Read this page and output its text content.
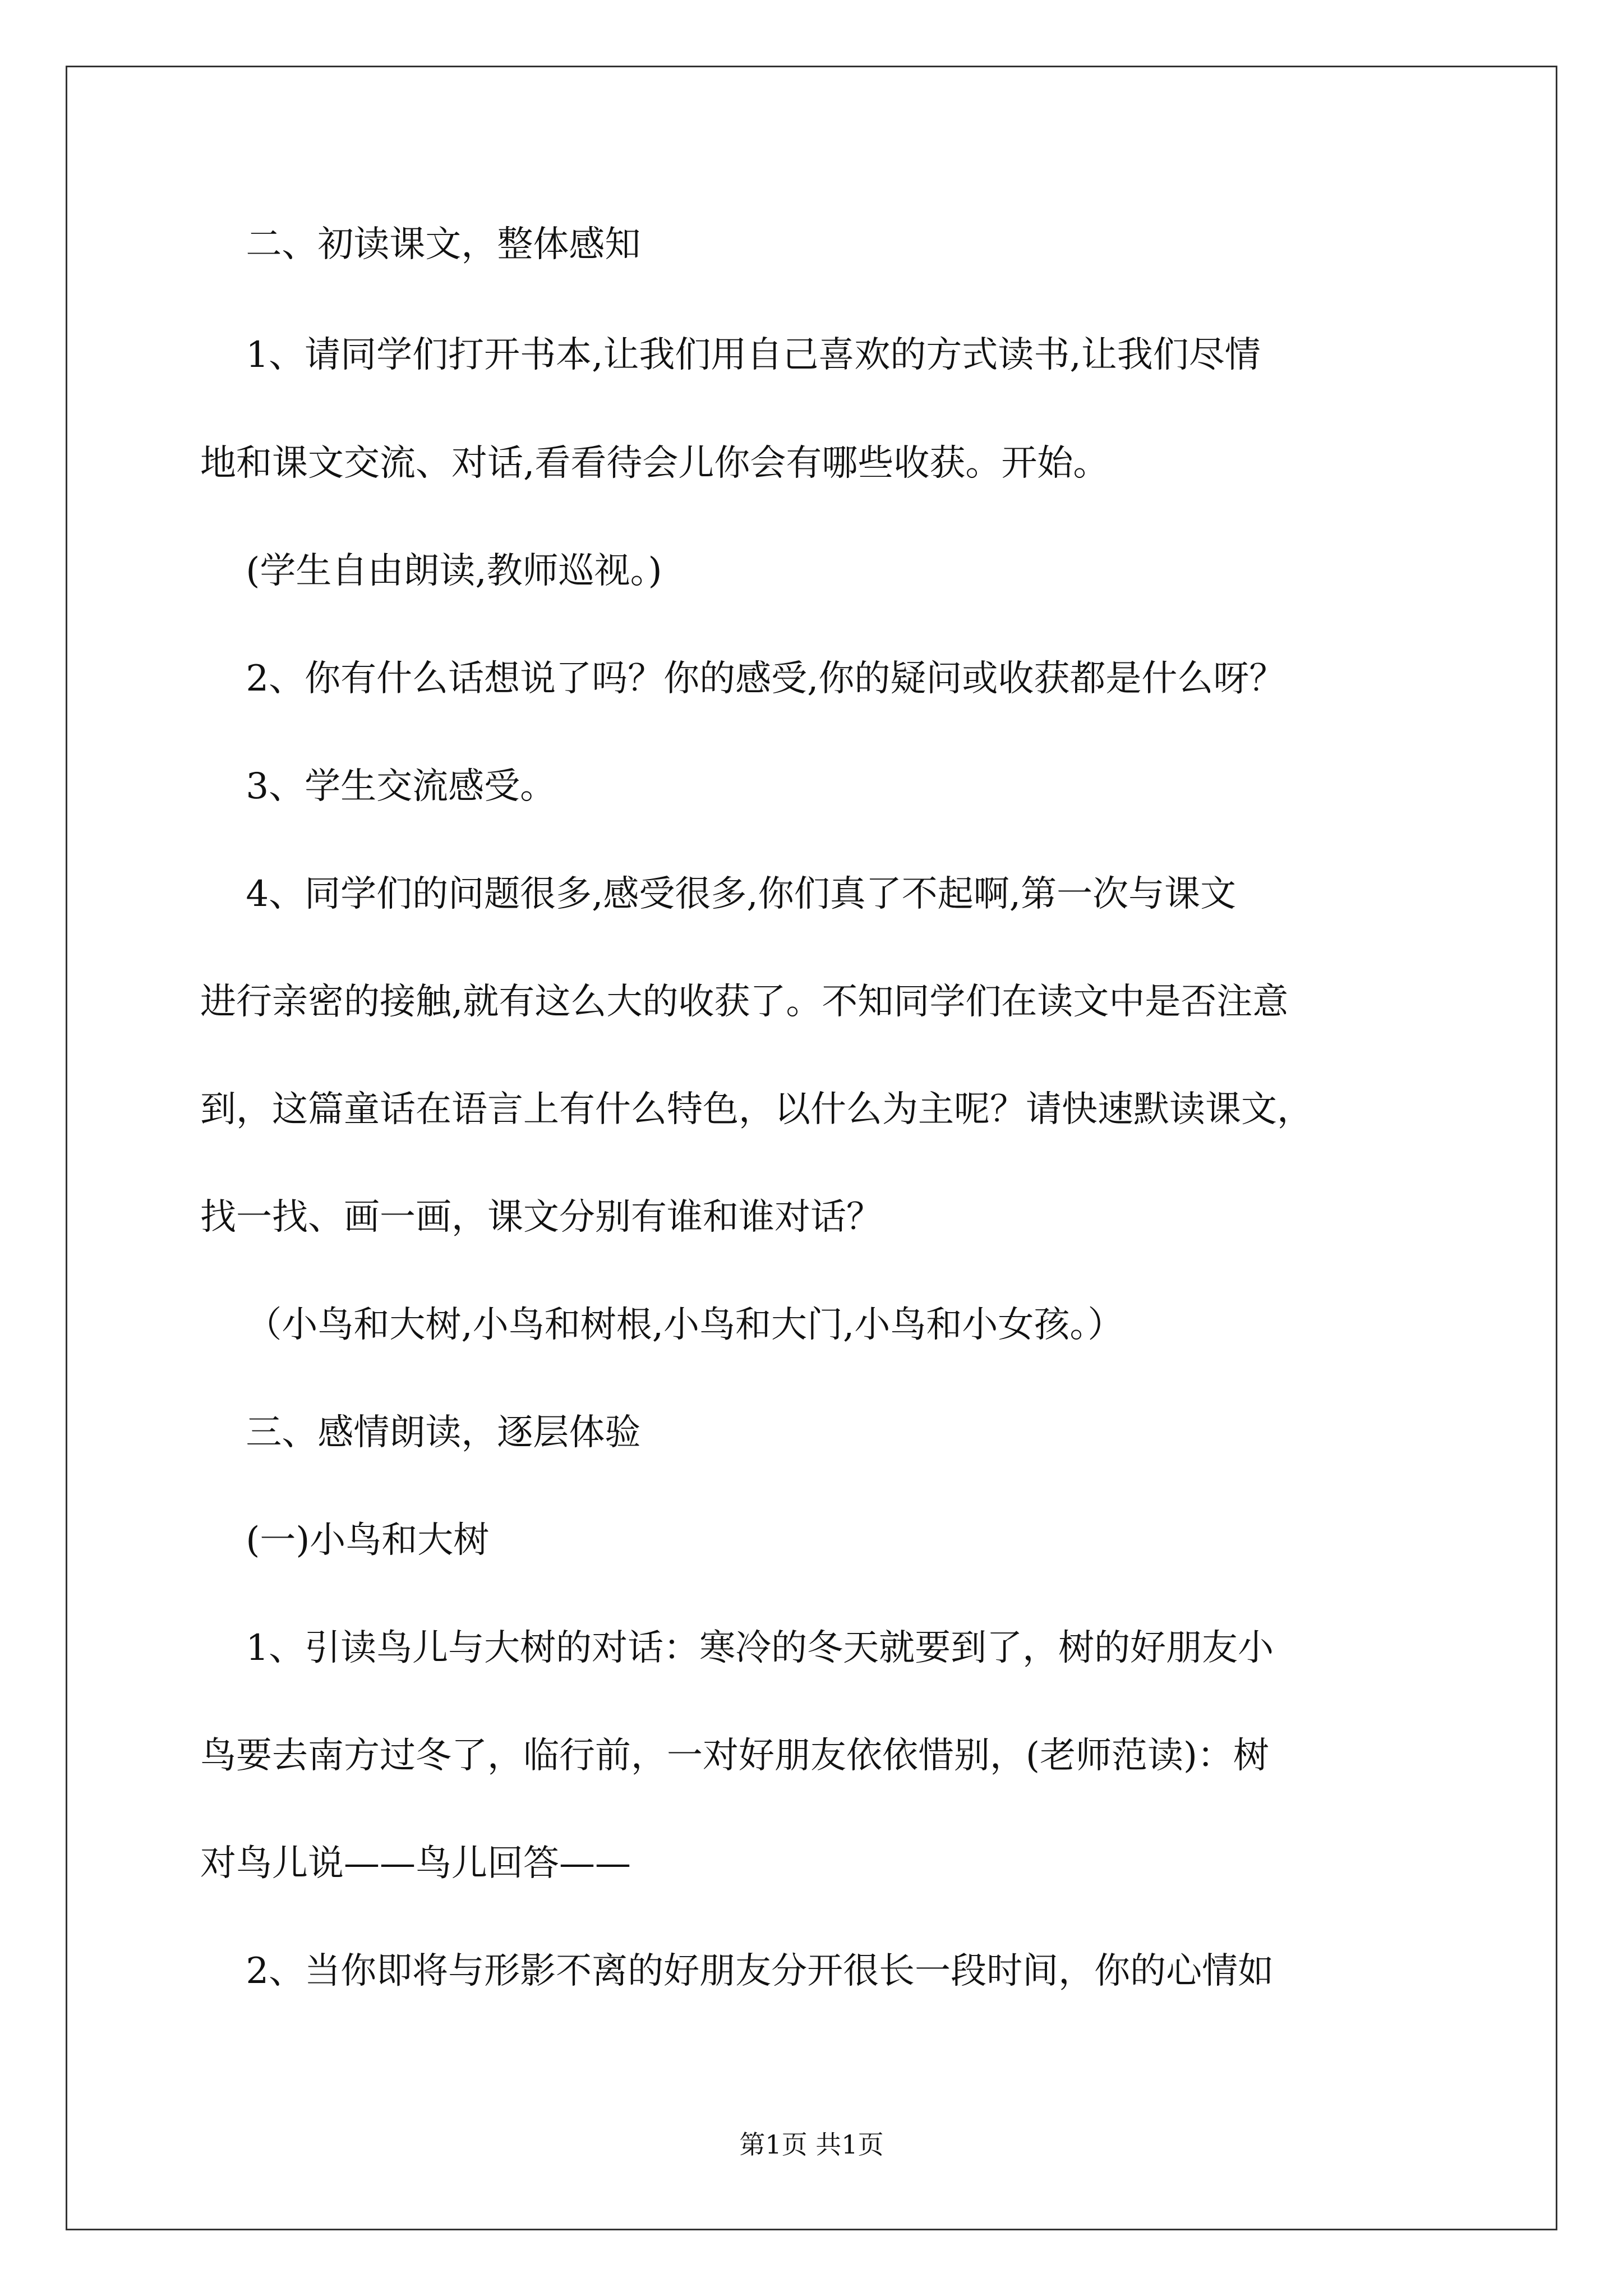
二、初读课文，整体感知

1、请同学们打开书本,让我们用自己喜欢的方式读书,让我们尽情

地和课文交流、对话,看看待会儿你会有哪些收获。开始。

(学生自由朗读,教师巡视。)

2、你有什么话想说了吗？你的感受,你的疑问或收获都是什么呀？

3、学生交流感受。

4、同学们的问题很多,感受很多,你们真了不起啊,第一次与课文

进行亲密的接触,就有这么大的收获了。不知同学们在读文中是否注意

到，这篇童话在语言上有什么特色，以什么为主呢？请快速默读课文，

找一找、画一画，课文分别有谁和谁对话？

（小鸟和大树,小鸟和树根,小鸟和大门,小鸟和小女孩。）

三、感情朗读，逐层体验

(一)小鸟和大树

1、引读鸟儿与大树的对话：寒冷的冬天就要到了，树的好朋友小

鸟要去南方过冬了，临行前，一对好朋友依依惜别，(老师范读)：树

对鸟儿说——鸟儿回答——

2、当你即将与形影不离的好朋友分开很长一段时间，你的心情如

第1页 共1页
